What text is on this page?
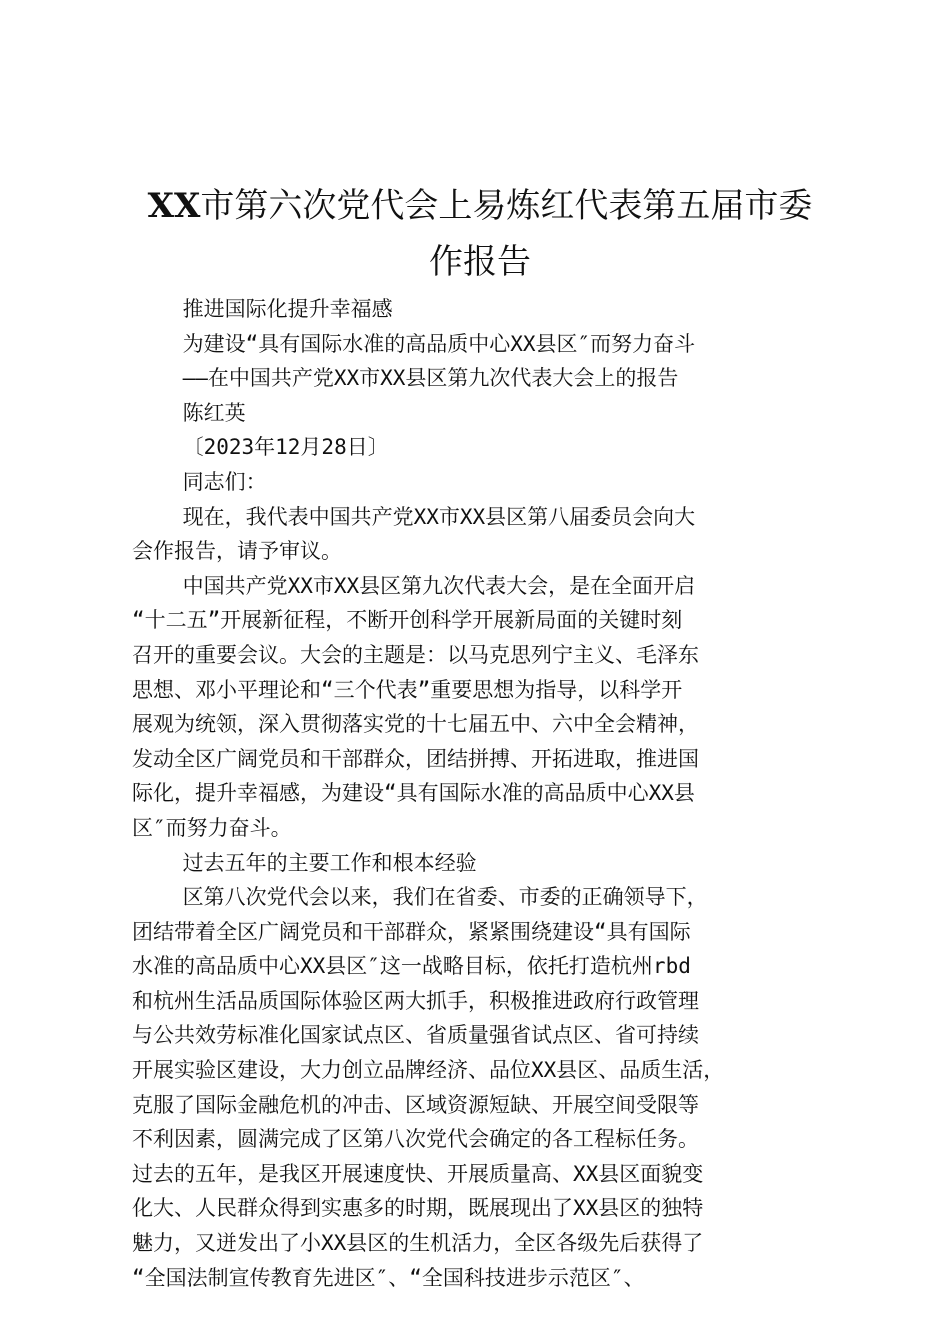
XX市第六次党代会上易炼红代表第五届市委
作报告
推进国际化提升幸福感
为建设“具有国际水准的高品质中心XX县区″而努力奋斗
——在中国共产党XX市XX县区第九次代表大会上的报告
陈红英
〔2023年12月28日〕
同志们：
现在，我代表中国共产党XX市XX县区第八届委员会向大
会作报告，请予审议。
中国共产党XX市XX县区第九次代表大会，是在全面开启
“十二五”开展新征程，不断开创科学开展新局面的关键时刻
召开的重要会议。大会的主题是：以马克思列宁主义、毛泽东
思想、邓小平理论和“三个代表”重要思想为指导，以科学开
展观为统领，深入贯彻落实党的十七届五中、六中全会精神，
发动全区广阔党员和干部群众，团结拼搏、开拓进取，推进国
际化，提升幸福感，为建设“具有国际水准的高品质中心XX县
区″而努力奋斗。
过去五年的主要工作和根本经验
区第八次党代会以来，我们在省委、市委的正确领导下，
团结带着全区广阔党员和干部群众，紧紧围绕建设“具有国际
水准的高品质中心XX县区″这一战略目标，依托打造杭州rbd
和杭州生活品质国际体验区两大抓手，积极推进政府行政管理
与公共效劳标准化国家试点区、省质量强省试点区、省可持续
开展实验区建设，大力创立品牌经济、品位XX县区、品质生活，
克服了国际金融危机的冲击、区域资源短缺、开展空间受限等
不利因素，圆满完成了区第八次党代会确定的各工程标任务。
过去的五年，是我区开展速度快、开展质量高、XX县区面貌变
化大、人民群众得到实惠多的时期，既展现出了XX县区的独特
魅力，又迸发出了小XX县区的生机活力，全区各级先后获得了
“全国法制宣传教育先进区″、“全国科技进步示范区″、
